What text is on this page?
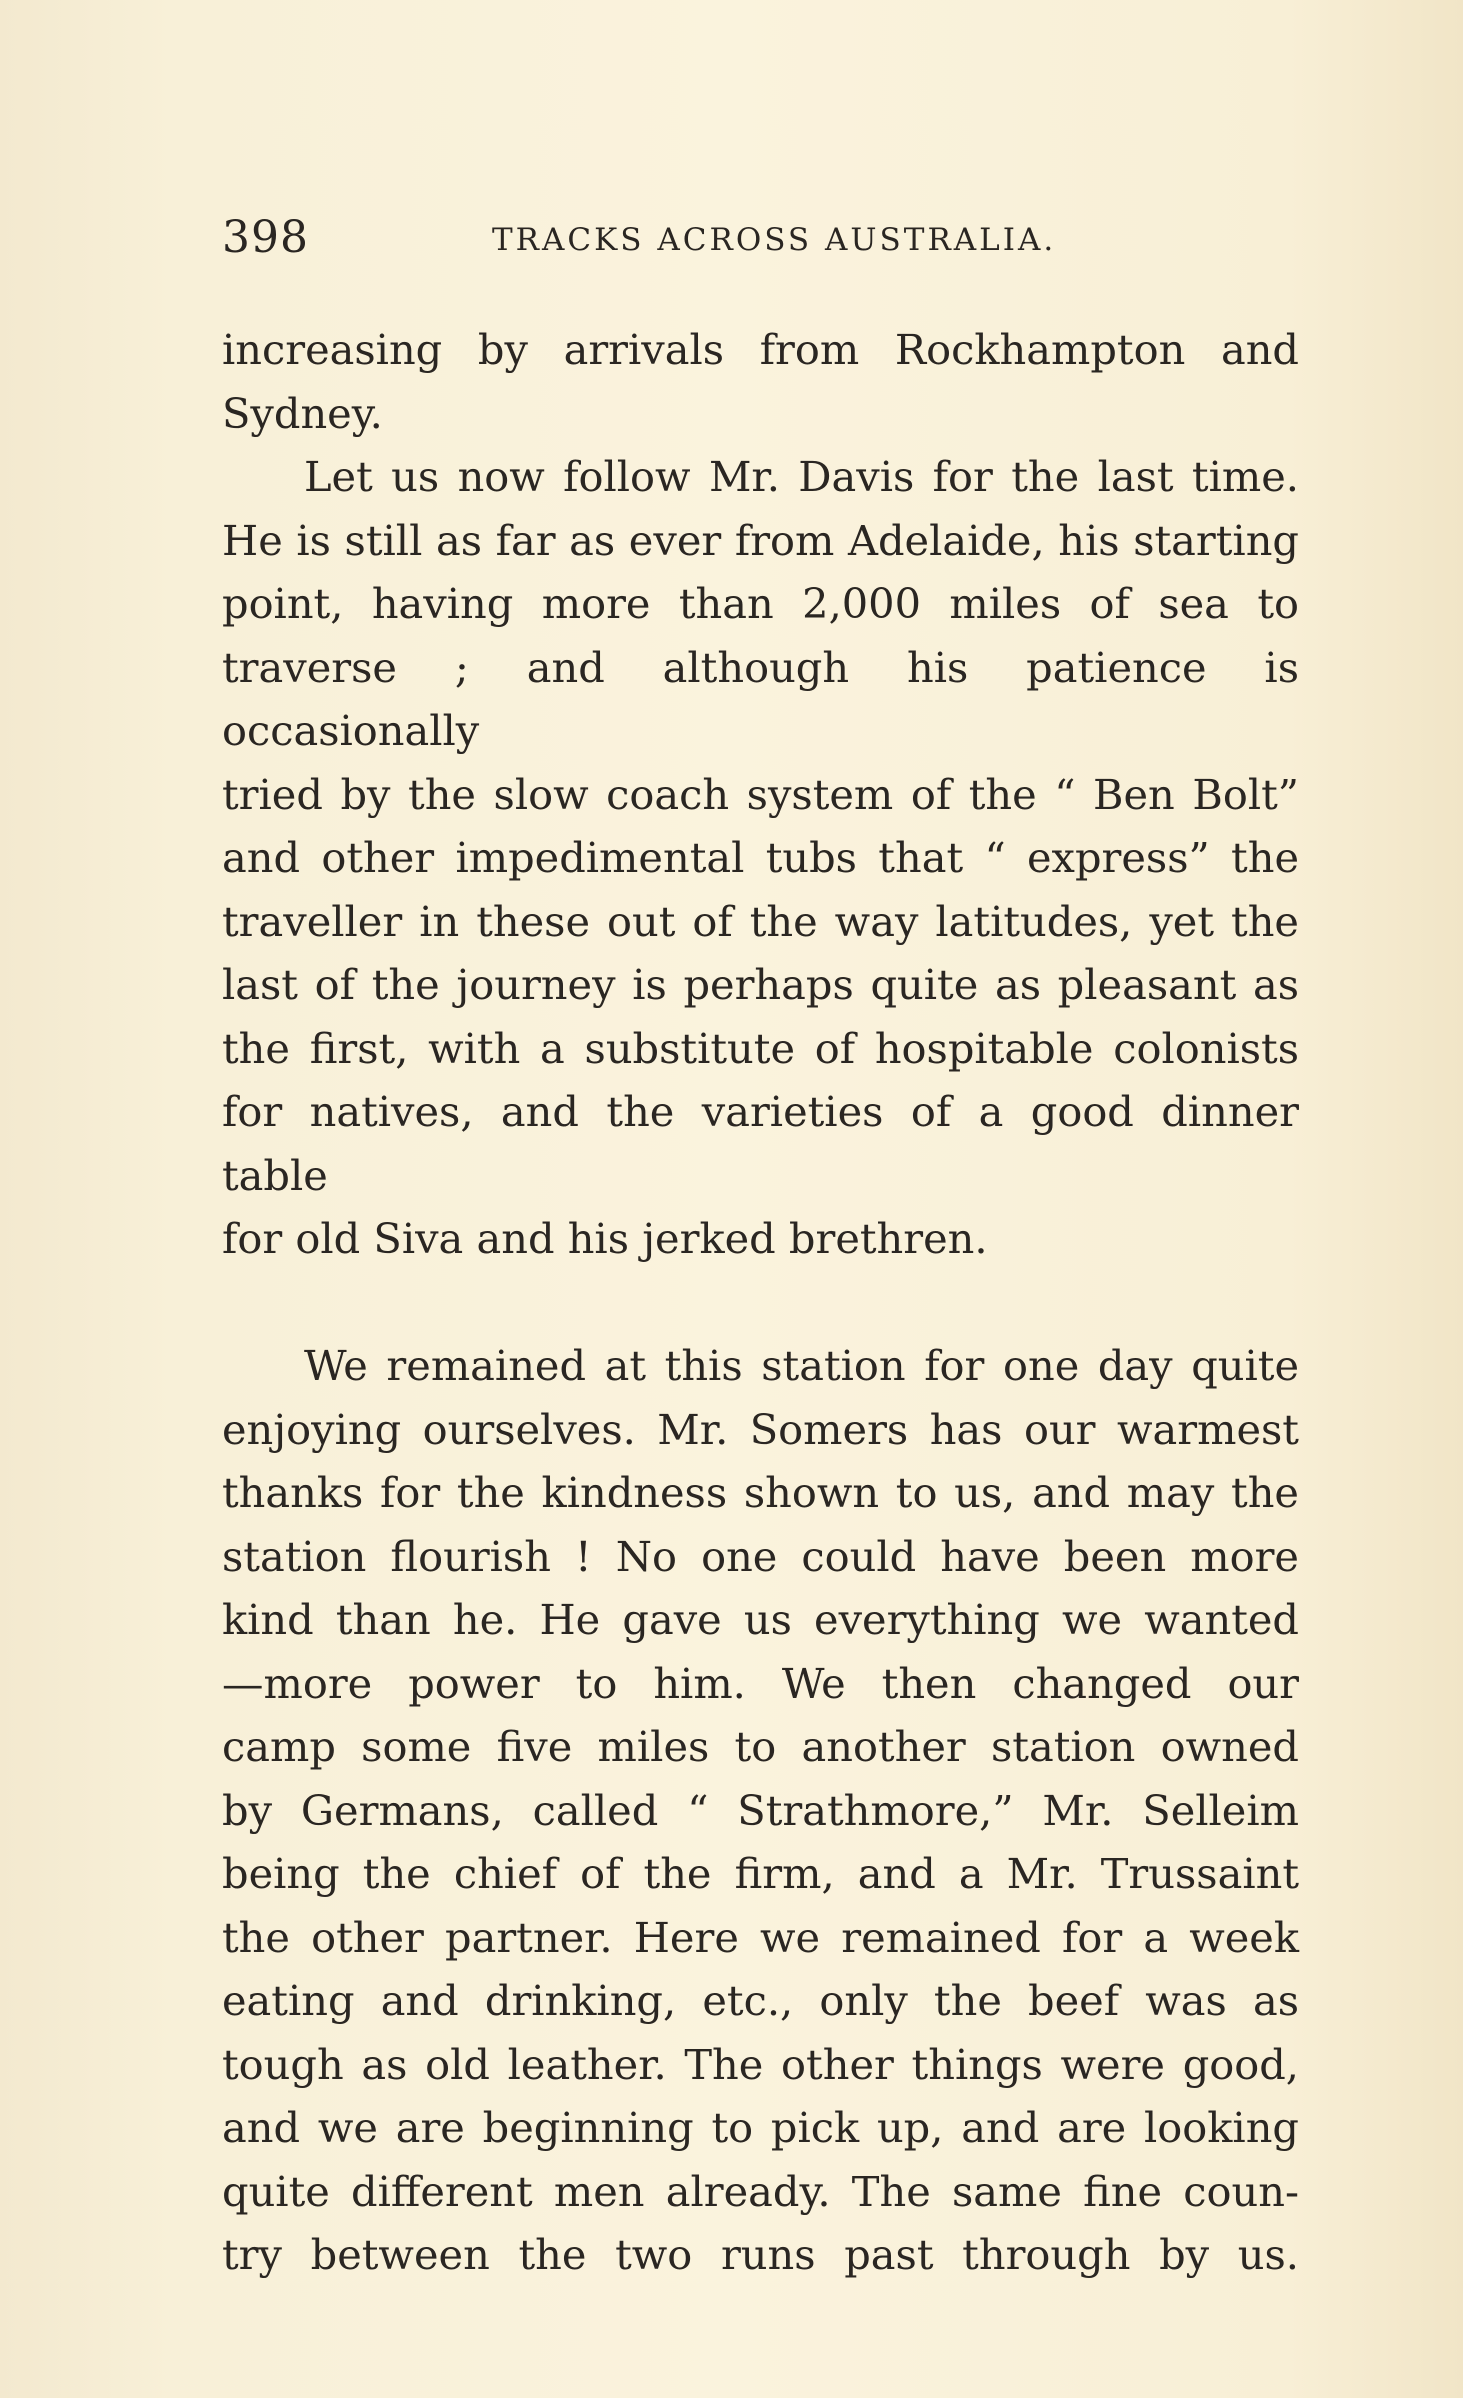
398	TRACKS ACROSS AUSTRALIA.
increasing by arrivals from Rockhampton and
Sydney.
Let us now follow Mr. Davis for the last time.
He is still as far as ever from Adelaide, his starting
point, having more than 2,000 miles of sea to
traverse ; and although his patience is occasionally
tried by the slow coach system of the “ Ben Bolt”
and other impedimental tubs that “ express” the
traveller in these out of the way latitudes, yet the
last of the journey is perhaps quite as pleasant as
the first, with a substitute of hospitable colonists
for natives, and the varieties of a good dinner table
for old Siva and his jerked brethren.
We remained at this station for one day quite
enjoying ourselves. Mr. Somers has our warmest
thanks for the kindness shown to us, and may the
station flourish ! No one could have been more
kind than he. He gave us everything we wanted
—more power to him. We then changed our
camp some five miles to another station owned
by Germans, called “ Strathmore,” Mr. Selleim
being the chief of the firm, and a Mr. Trussaint
the other partner. Here we remained for a week
eating and drinking, etc., only the beef was as
tough as old leather. The other things were good,
and we are beginning to pick up, and are looking
quite different men already. The same fine coun-
try between the two runs past through by us.
